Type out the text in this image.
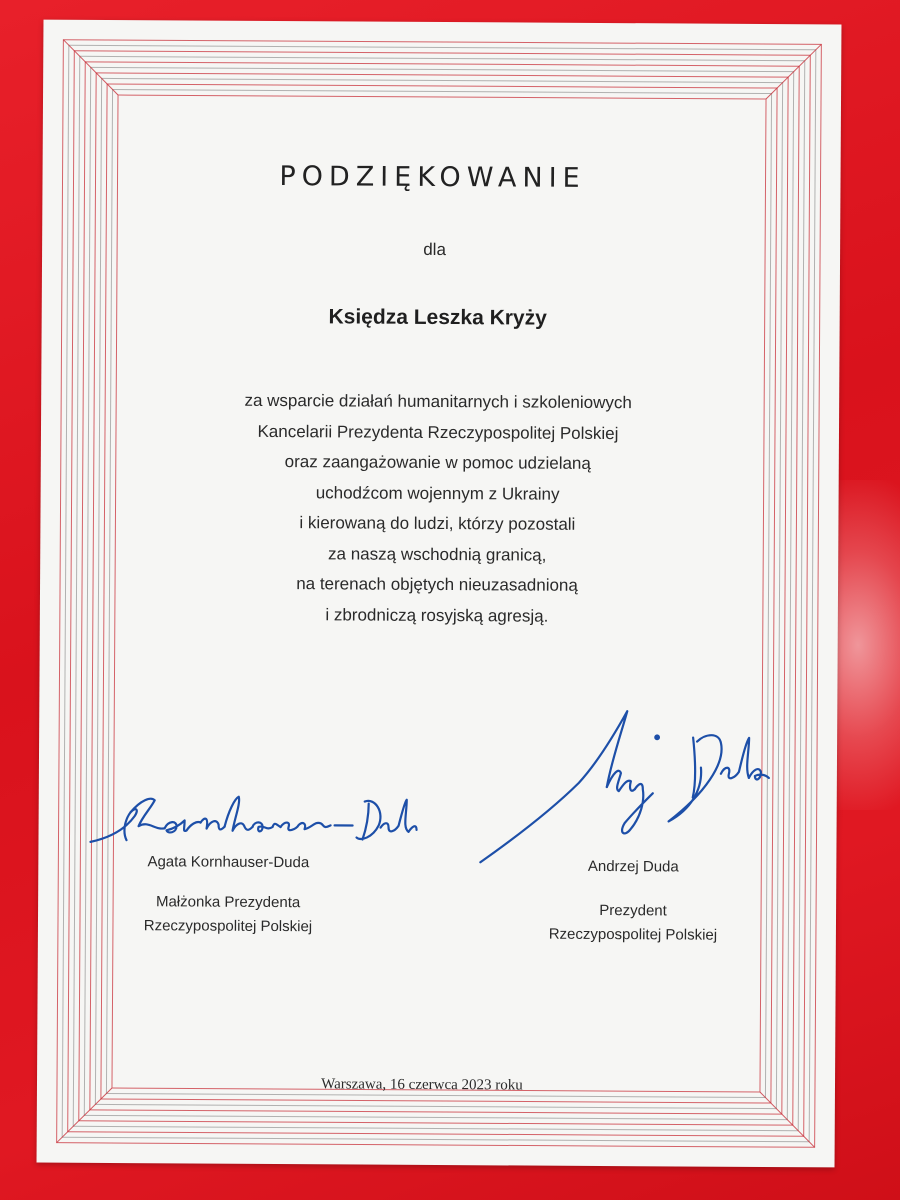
PODZIĘKOWANIE
dla
Księdza Leszka Kryży
za wsparcie działań humanitarnych i szkoleniowych
Kancelarii Prezydenta Rzeczypospolitej Polskiej
oraz zaangażowanie w pomoc udzielaną
uchodźcom wojennym z Ukrainy
i kierowaną do ludzi, którzy pozostali
za naszą wschodnią granicą,
na terenach objętych nieuzasadnioną
i zbrodniczą rosyjską agresją.
Agata Kornhauser-Duda
Małżonka Prezydenta
Rzeczypospolitej Polskiej
Andrzej Duda
Prezydent
Rzeczypospolitej Polskiej
Warszawa, 16 czerwca 2023 roku
